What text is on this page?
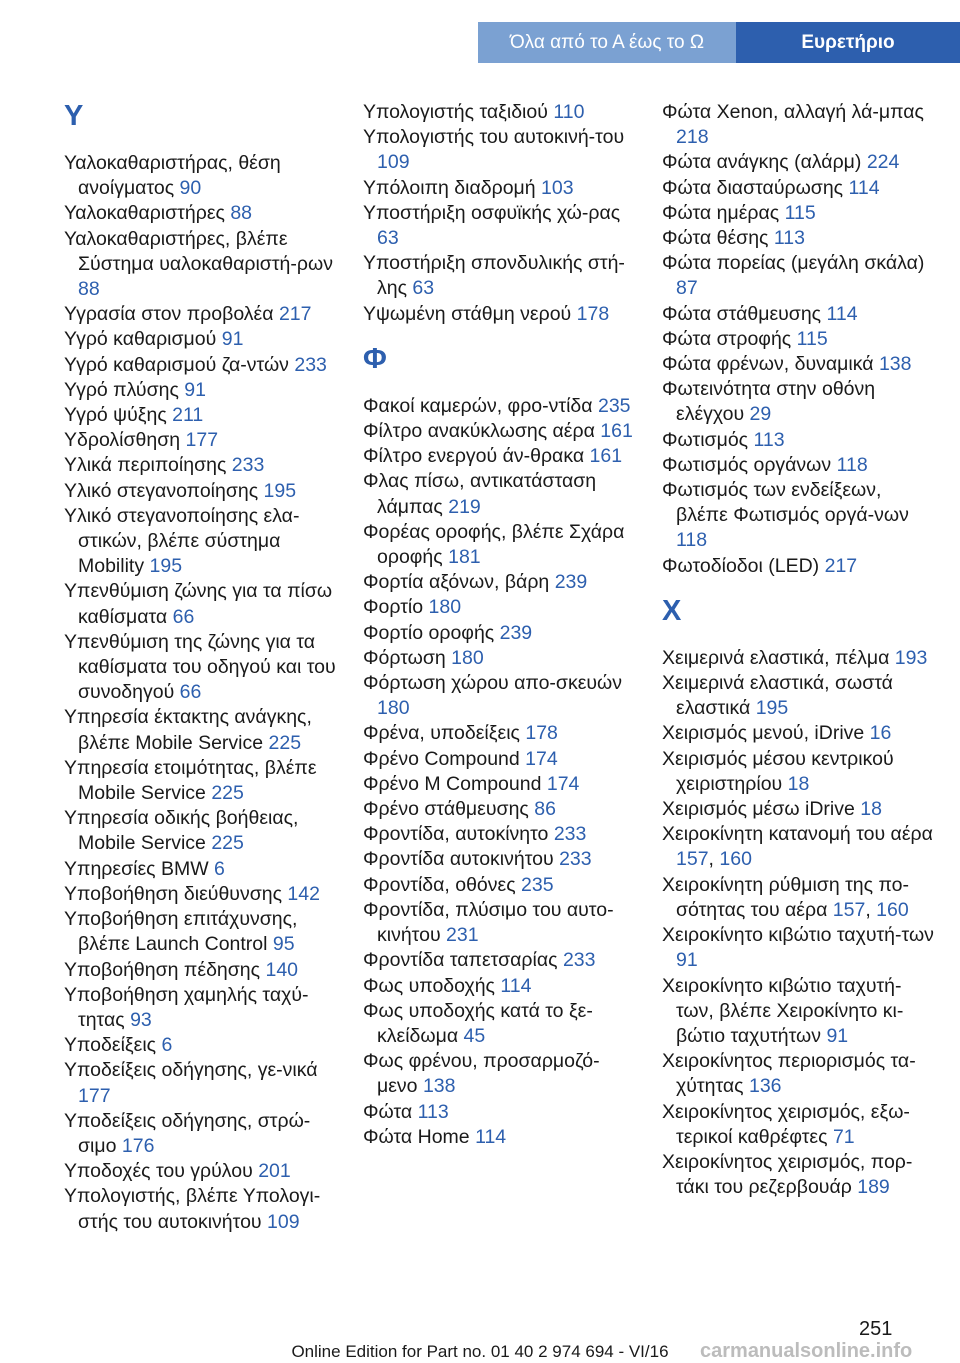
Όλα από το Α έως το Ω	Ευρετήριο
Υ

Υαλοκαθαριστήρας, θέση ανοίγματος 90

Υαλοκαθαριστήρες 88

Υαλοκαθαριστήρες, βλέπε Σύστημα υαλοκαθαριστή-ρων 88

Υγρασία στον προβολέα 217

Υγρό καθαρισμού 91

Υγρό καθαρισμού ζα-ντών 233

Υγρό πλύσης 91

Υγρό ψύξης 211

Υδρολίσθηση 177

Υλικά περιποίησης 233

Υλικό στεγανοποίησης 195

Υλικό στεγανοποίησης ελα-στικών, βλέπε σύστημα Mobility 195

Υπενθύμιση ζώνης για τα πίσω καθίσματα 66

Υπενθύμιση της ζώνης για τα καθίσματα του οδηγού και του συνοδηγού 66

Υπηρεσία έκτακτης ανάγκης, βλέπε Mobile Service 225

Υπηρεσία ετοιμότητας, βλέπε Mobile Service 225

Υπηρεσία οδικής βοήθειας, Mobile Service 225

Υπηρεσίες BMW 6

Υποβοήθηση διεύθυνσης 142

Υποβοήθηση επιτάχυνσης, βλέπε Launch Control 95

Υποβοήθηση πέδησης 140

Υποβοήθηση χαμηλής ταχύ-τητας 93

Υποδείξεις 6

Υποδείξεις οδήγησης, γε-νικά 177

Υποδείξεις οδήγησης, στρώ-σιμο 176

Υποδοχές του γρύλου 201

Υπολογιστής, βλέπε Υπολογι-στής του αυτοκινήτου 109

Υπολογιστής ταξιδιού 110

Υπολογιστής του αυτοκινή-του 109

Υπόλοιπη διαδρομή 103

Υποστήριξη οσφυϊκής χώ-ρας 63

Υποστήριξη σπονδυλικής στή-λης 63

Υψωμένη στάθμη νερού 178

Φ

Φακοί καμερών, φρο-ντίδα 235

Φίλτρο ανακύκλωσης αέρα 161

Φίλτρο ενεργού άν-θρακα 161

Φλας πίσω, αντικατάσταση λάμπας 219

Φορέας οροφής, βλέπε Σχάρα οροφής 181

Φορτία αξόνων, βάρη 239

Φορτίο 180

Φορτίο οροφής 239

Φόρτωση 180

Φόρτωση χώρου απο-σκευών 180

Φρένα, υποδείξεις 178

Φρένο Compound 174

Φρένο M Compound 174

Φρένο στάθμευσης 86

Φροντίδα, αυτοκίνητο 233

Φροντίδα αυτοκινήτου 233

Φροντίδα, οθόνες 235

Φροντίδα, πλύσιμο του αυτο-κινήτου 231

Φροντίδα ταπετσαρίας 233

Φως υποδοχής 114

Φως υποδοχής κατά το ξε-κλείδωμα 45

Φως φρένου, προσαρμοζό-μενο 138

Φώτα 113

Φώτα Home 114

Φώτα Xenon, αλλαγή λά-μπας 218

Φώτα ανάγκης (αλάρμ) 224

Φώτα διασταύρωσης 114

Φώτα ημέρας 115

Φώτα θέσης 113

Φώτα πορείας (μεγάλη σκάλα) 87

Φώτα στάθμευσης 114

Φώτα στροφής 115

Φώτα φρένων, δυναμικά 138

Φωτεινότητα στην οθόνη ελέγχου 29

Φωτισμός 113

Φωτισμός οργάνων 118

Φωτισμός των ενδείξεων, βλέπε Φωτισμός οργά-νων 118

Φωτοδίοδοι (LED) 217

Χ

Χειμερινά ελαστικά, πέλμα 193

Χειμερινά ελαστικά, σωστά ελαστικά 195

Χειρισμός μενού, iDrive 16

Χειρισμός μέσου κεντρικού χειριστηρίου 18

Χειρισμός μέσω iDrive 18

Χειροκίνητη κατανομή του αέρα 157, 160

Χειροκίνητη ρύθμιση της πο-σότητας του αέρα 157, 160

Χειροκίνητο κιβώτιο ταχυτή-των 91

Χειροκίνητο κιβώτιο ταχυτή-των, βλέπε Χειροκίνητο κι-βώτιο ταχυτήτων 91

Χειροκίνητος περιορισμός τα-χύτητας 136

Χειροκίνητος χειρισμός, εξω-τερικοί καθρέφτες 71

Χειροκίνητος χειρισμός, πορ-τάκι του ρεζερβουάρ 189

251
Online Edition for Part no. 01 40 2 974 694 - VI/16	carmanualsonline.info
